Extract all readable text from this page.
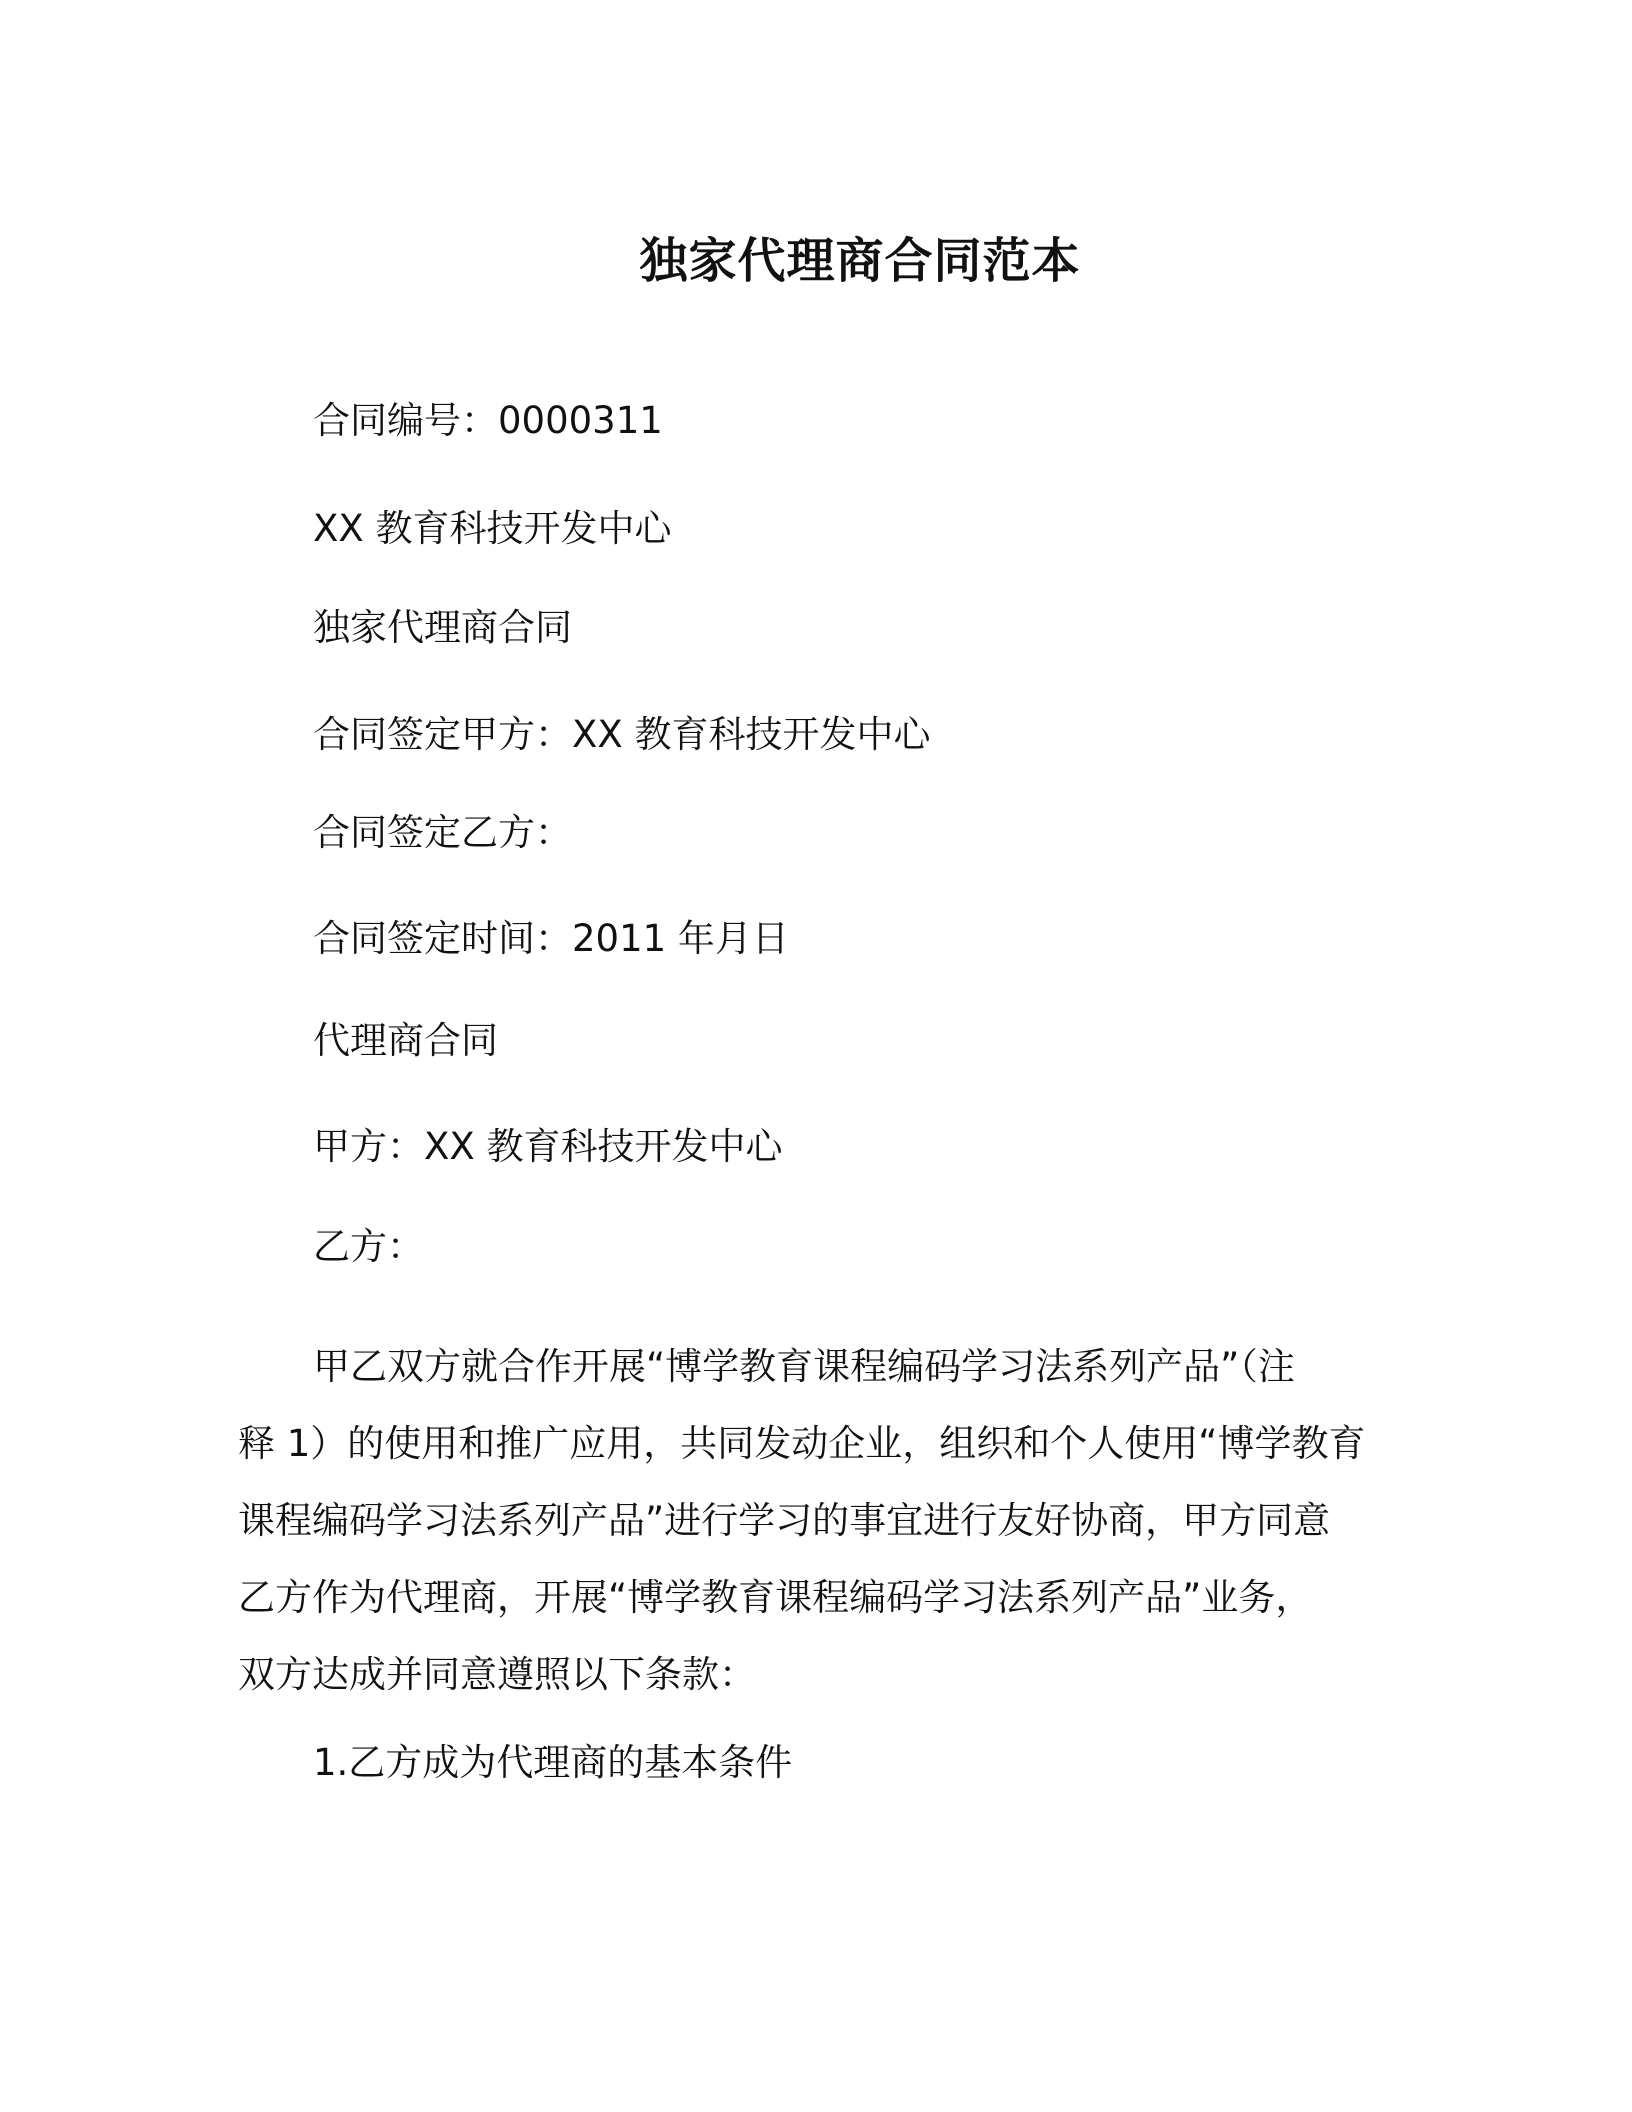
独家代理商合同范本
合同编号：0000311
XX 教育科技开发中心
独家代理商合同
合同签定甲方：XX 教育科技开发中心
合同签定乙方：
合同签定时间：2011 年月日
代理商合同
甲方：XX 教育科技开发中心
乙方：
甲乙双方就合作开展“博学教育课程编码学习法系列产品”（注
释 1）的使用和推广应用，共同发动企业，组织和个人使用“博学教育
课程编码学习法系列产品”进行学习的事宜进行友好协商，甲方同意
乙方作为代理商，开展“博学教育课程编码学习法系列产品”业务，
双方达成并同意遵照以下条款：
1.乙方成为代理商的基本条件
